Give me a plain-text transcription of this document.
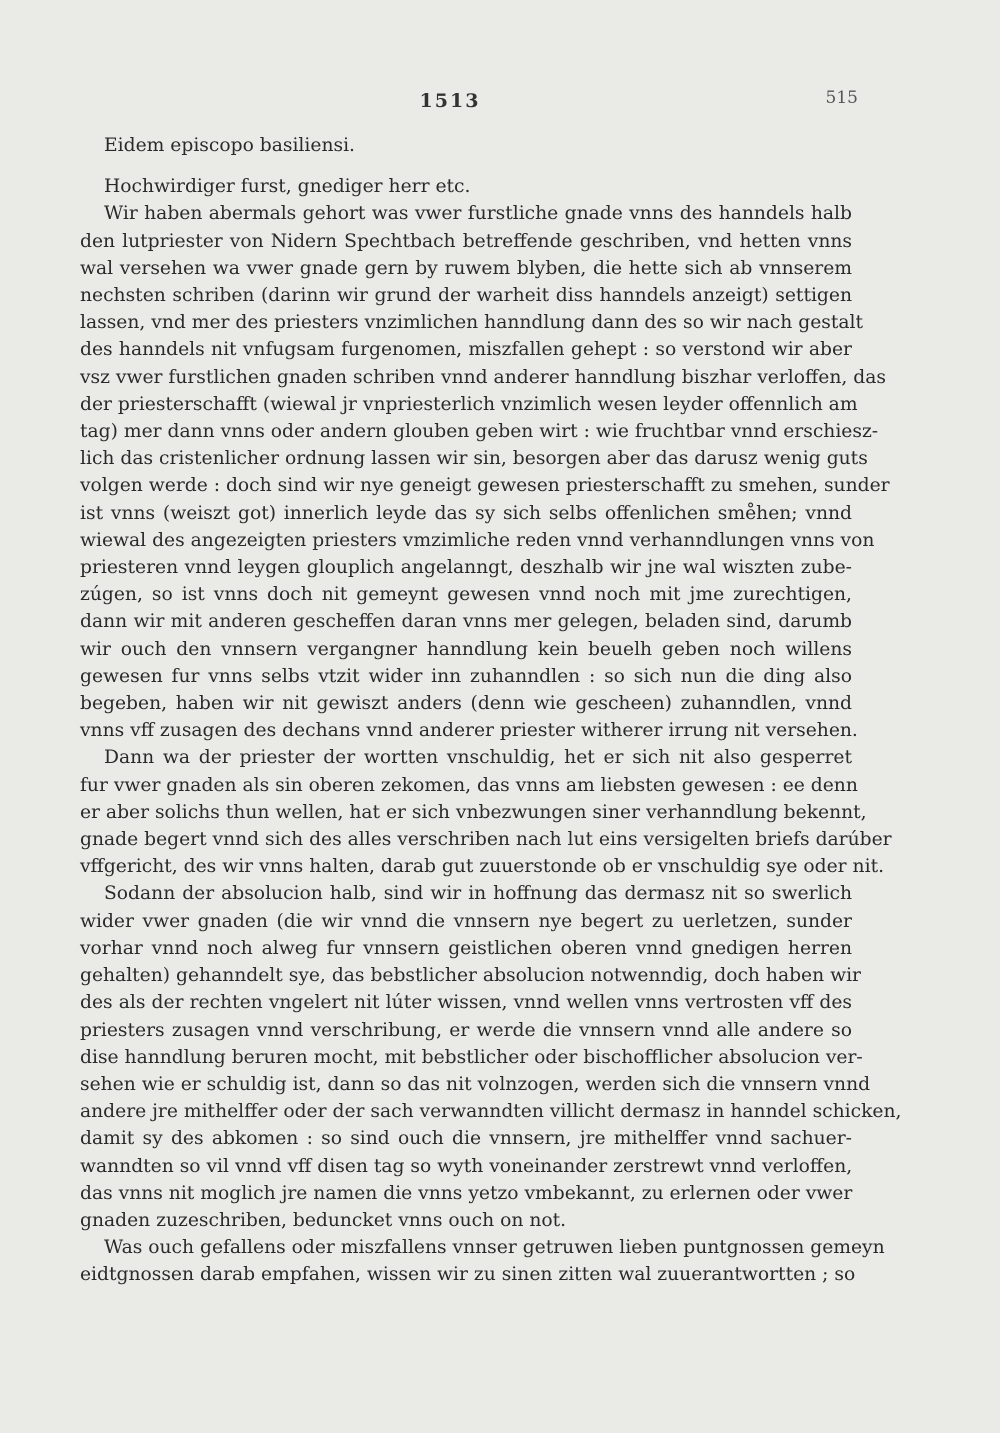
1513	515
Eidem episcopo basiliensi.
Hochwirdiger furst, gnediger herr etc.
Wir haben abermals gehort was vwer furstliche gnade vnns des hanndels halb
den lutpriester von Nidern Spechtbach betreffende geschriben, vnd hetten vnns
wal versehen wa vwer gnade gern by ruwem blyben, die hette sich ab vnnserem
nechsten schriben (darinn wir grund der warheit diss hanndels anzeigt) settigen
lassen, vnd mer des priesters vnzimlichen hanndlung dann des so wir nach gestalt
des hanndels nit vnfugsam furgenomen, miszfallen gehept : so verstond wir aber
vsz vwer furstlichen gnaden schriben vnnd anderer hanndlung biszhar verloffen, das
der priesterschafft (wiewal jr vnpriesterlich vnzimlich wesen leyder offennlich am
tag) mer dann vnns oder andern glouben geben wirt : wie fruchtbar vnnd erschiesz-
lich das cristenlicher ordnung lassen wir sin, besorgen aber das darusz wenig guts
volgen werde : doch sind wir nye geneigt gewesen priesterschafft zu smehen, sunder
ist vnns (weiszt got) innerlich leyde das sy sich selbs offenlichen sme̊hen; vnnd
wiewal des angezeigten priesters vmzimliche reden vnnd verhanndlungen vnns von
priesteren vnnd leygen glouplich angelanngt, deszhalb wir jne wal wiszten zube-
zúgen, so ist vnns doch nit gemeynt gewesen vnnd noch mit jme zurechtigen,
dann wir mit anderen gescheffen daran vnns mer gelegen, beladen sind, darumb
wir ouch den vnnsern vergangner hanndlung kein beuelh geben noch willens
gewesen fur vnns selbs vtzit wider inn zuhanndlen : so sich nun die ding also
begeben, haben wir nit gewiszt anders (denn wie gescheen) zuhanndlen, vnnd
vnns vff zusagen des dechans vnnd anderer priester witherer irrung nit versehen.
Dann wa der priester der wortten vnschuldig, het er sich nit also gesperret
fur vwer gnaden als sin oberen zekomen, das vnns am liebsten gewesen : ee denn
er aber solichs thun wellen, hat er sich vnbezwungen siner verhanndlung bekennt,
gnade begert vnnd sich des alles verschriben nach lut eins versigelten briefs darúber
vffgericht, des wir vnns halten, darab gut zuuerstonde ob er vnschuldig sye oder nit.
Sodann der absolucion halb, sind wir in hoffnung das dermasz nit so swerlich
wider vwer gnaden (die wir vnnd die vnnsern nye begert zu uerletzen, sunder
vorhar vnnd noch alweg fur vnnsern geistlichen oberen vnnd gnedigen herren
gehalten) gehanndelt sye, das bebstlicher absolucion notwenndig, doch haben wir
des als der rechten vngelert nit lúter wissen, vnnd wellen vnns vertrosten vff des
priesters zusagen vnnd verschribung, er werde die vnnsern vnnd alle andere so
dise hanndlung beruren mocht, mit bebstlicher oder bischofflicher absolucion ver-
sehen wie er schuldig ist, dann so das nit volnzogen, werden sich die vnnsern vnnd
andere jre mithelffer oder der sach verwanndten villicht dermasz in hanndel schicken,
damit sy des abkomen : so sind ouch die vnnsern, jre mithelffer vnnd sachuer-
wanndten so vil vnnd vff disen tag so wyth voneinander zerstrewt vnnd verloffen,
das vnns nit moglich jre namen die vnns yetzo vmbekannt, zu erlernen oder vwer
gnaden zuzeschriben, beduncket vnns ouch on not.
Was ouch gefallens oder miszfallens vnnser getruwen lieben puntgnossen gemeyn
eidtgnossen darab empfahen, wissen wir zu sinen zitten wal zuuerantwortten ; so
